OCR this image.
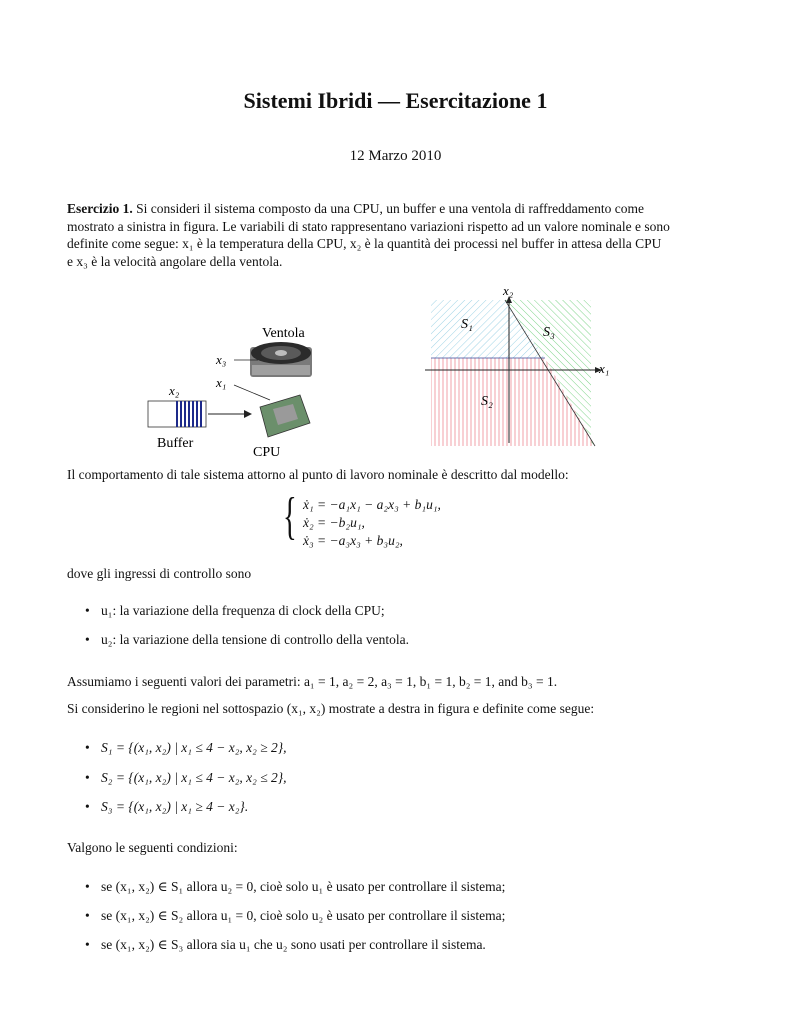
Sistemi Ibridi — Esercitazione 1
12 Marzo 2010
Esercizio 1. Si consideri il sistema composto da una CPU, un buffer e una ventola di raffreddamento come
mostrato a sinistra in figura. Le variabili di stato rappresentano variazioni rispetto ad un valore nominale e sono
definite come segue: x₁ è la temperatura della CPU, x₂ è la quantità dei processi nel buffer in attesa della CPU
e x₃ è la velocità angolare della ventola.
Ventola
x₃
x₁
CPU
x₂
Buffer
x₂
x₁
S₁
S₃
S₂
Il comportamento di tale sistema attorno al punto di lavoro nominale è descritto dal modello:
{ ẋ₁ = −a₁x₁ − a₂x₃ + b₁u₁,
ẋ₂ = −b₂u₁,
ẋ₃ = −a₃x₃ + b₃u₂,
dove gli ingressi di controllo sono
• u₁: la variazione della frequenza di clock della CPU;
• u₂: la variazione della tensione di controllo della ventola.
Assumiamo i seguenti valori dei parametri: a₁ = 1, a₂ = 2, a₃ = 1, b₁ = 1, b₂ = 1, and b₃ = 1.
Si considerino le regioni nel sottospazio (x₁, x₂) mostrate a destra in figura e definite come segue:
• S₁ = {(x₁, x₂) | x₁ ≤ 4 − x₂, x₂ ≥ 2},
• S₂ = {(x₁, x₂) | x₁ ≤ 4 − x₂, x₂ ≤ 2},
• S₃ = {(x₁, x₂) | x₁ ≥ 4 − x₂}.
Valgono le seguenti condizioni:
• se (x₁, x₂) ∈ S₁ allora u₂ = 0, cioè solo u₁ è usato per controllare il sistema;
• se (x₁, x₂) ∈ S₂ allora u₁ = 0, cioè solo u₂ è usato per controllare il sistema;
• se (x₁, x₂) ∈ S₃ allora sia u₁ che u₂ sono usati per controllare il sistema.
